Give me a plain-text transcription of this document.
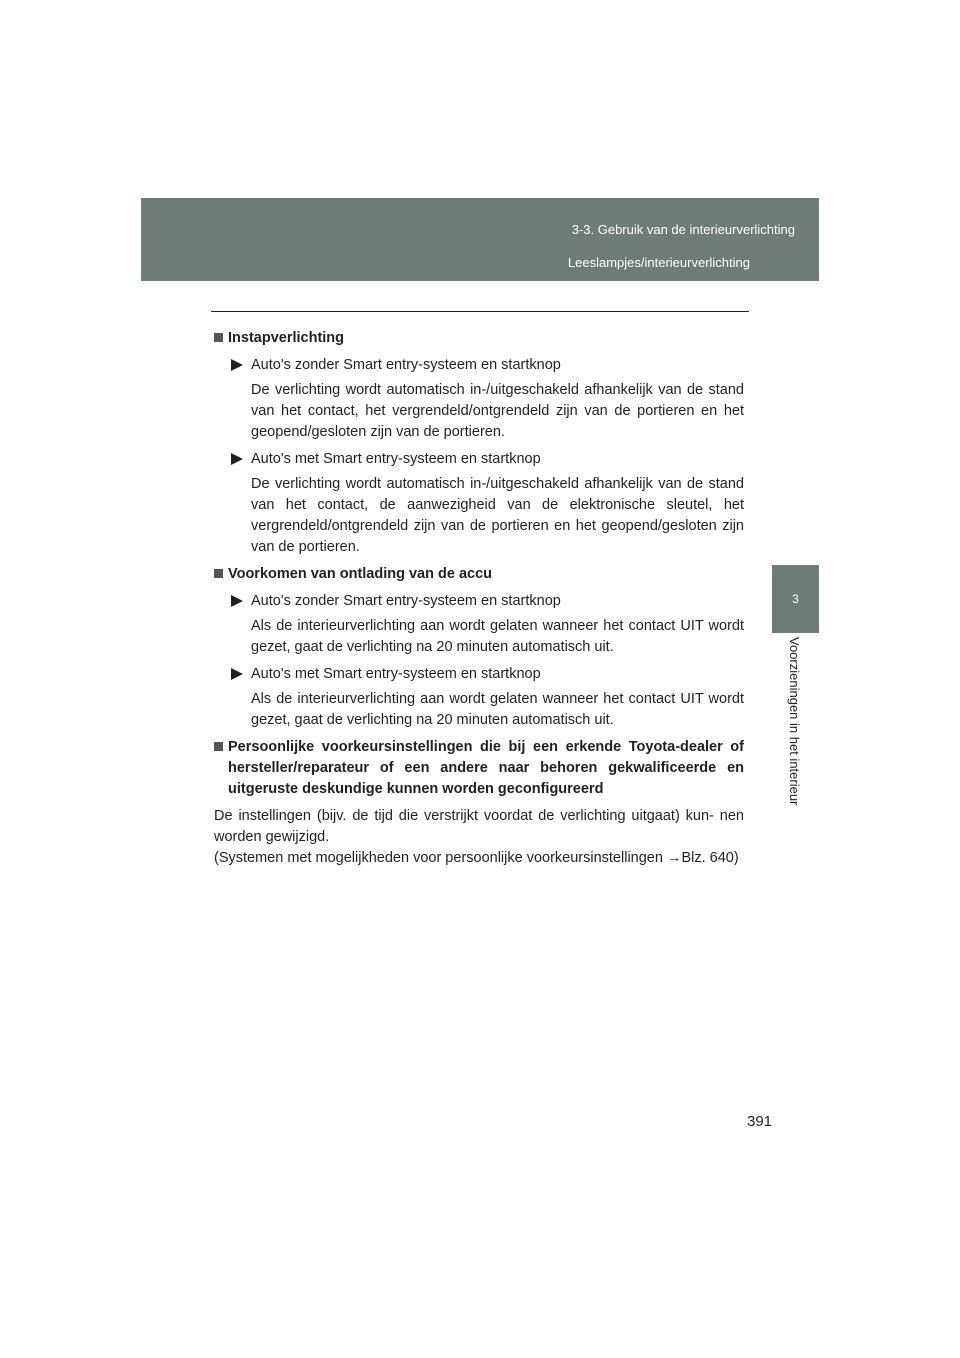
3-3. Gebruik van de interieurverlichting
Leeslampjes/interieurverlichting
3
Voorzieningen in het interieur
Instapverlichting
Auto's zonder Smart entry-systeem en startknop

De verlichting wordt automatisch in-/uitgeschakeld afhankelijk van de stand van het contact, het vergrendeld/ontgrendeld zijn van de portieren en het geopend/gesloten zijn van de portieren.

Auto's met Smart entry-systeem en startknop

De verlichting wordt automatisch in-/uitgeschakeld afhankelijk van de stand van het contact, de aanwezigheid van de elektronische sleutel, het vergrendeld/ontgrendeld zijn van de portieren en het geopend/gesloten zijn van de portieren.

Voorkomen van ontlading van de accu
Auto's zonder Smart entry-systeem en startknop

Als de interieurverlichting aan wordt gelaten wanneer het contact UIT wordt gezet, gaat de verlichting na 20 minuten automatisch uit.

Auto's met Smart entry-systeem en startknop

Als de interieurverlichting aan wordt gelaten wanneer het contact UIT wordt gezet, gaat de verlichting na 20 minuten automatisch uit.

Persoonlijke voorkeursinstellingen die bij een erkende Toyota-dealer of hersteller/reparateur of een andere naar behoren gekwalificeerde en uitgeruste deskundige kunnen worden geconfigureerd

De instellingen (bijv. de tijd die verstrijkt voordat de verlichting uitgaat) kun- nen worden gewijzigd.

(Systemen met mogelijkheden voor persoonlijke voorkeursinstellingen →Blz. 640)

391
